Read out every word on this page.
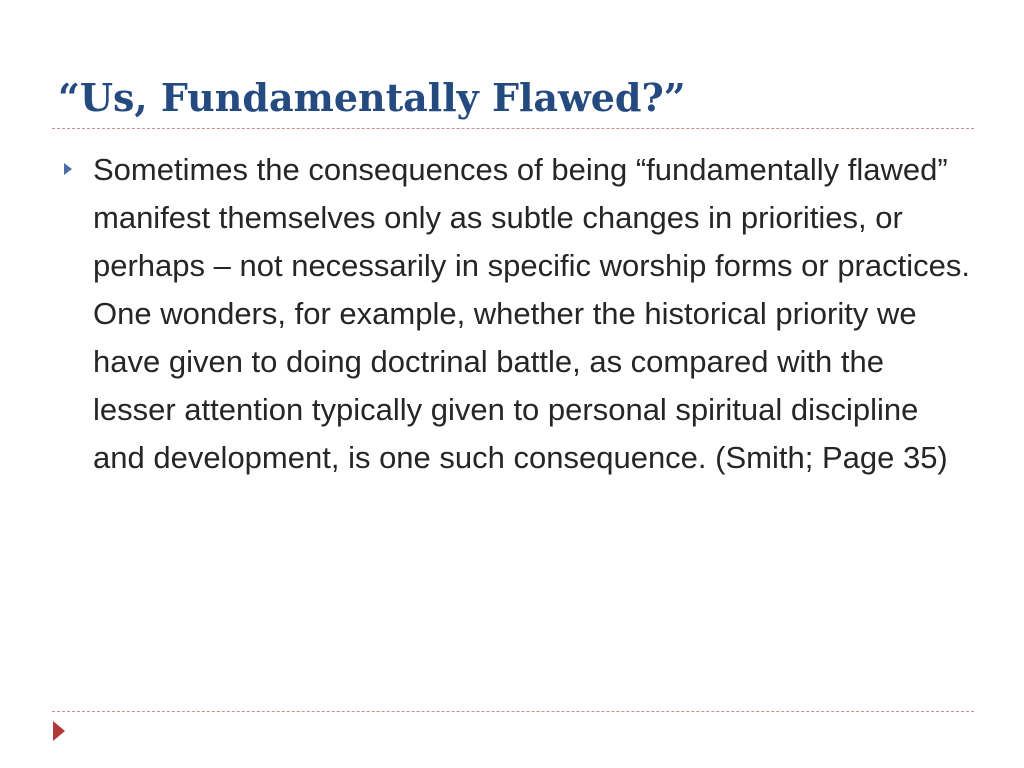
“Us, Fundamentally Flawed?”

Sometimes the consequences of being “fundamentally flawed” manifest themselves only as subtle changes in priorities, or perhaps – not necessarily in specific worship forms or practices. One wonders, for example, whether the historical priority we have given to doing doctrinal battle, as compared with the lesser attention typically given to personal spiritual discipline and development, is one such consequence. (Smith; Page 35)
